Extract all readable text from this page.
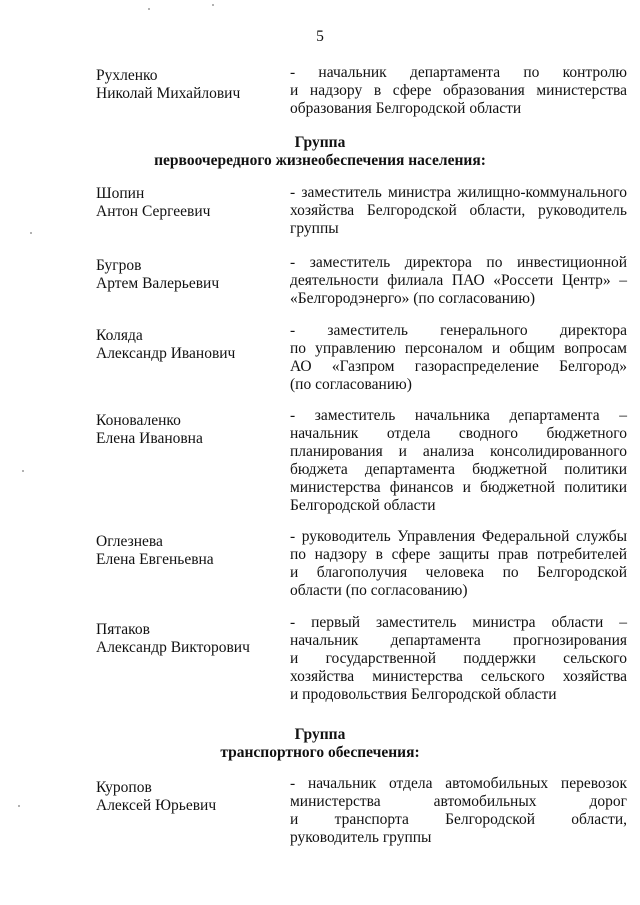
5
Рухленко
Николай Михайлович
- начальник департамента по контролю
и надзору в сфере образования министерства
образования Белгородской области
Группа
первоочередного жизнеобеспечения населения:
Шопин
Антон Сергеевич
- заместитель министра жилищно-коммунального
хозяйства Белгородской области, руководитель
группы
Бугров
Артем Валерьевич
- заместитель директора по инвестиционной
деятельности филиала ПАО «Россети Центр» –
«Белгородэнерго» (по согласованию)
Коляда
Александр Иванович
- заместитель генерального директора
по управлению персоналом и общим вопросам
АО «Газпром газораспределение Белгород»
(по согласованию)
Коноваленко
Елена Ивановна
- заместитель начальника департамента –
начальник отдела сводного бюджетного
планирования и анализа консолидированного
бюджета департамента бюджетной политики
министерства финансов и бюджетной политики
Белгородской области
Оглезнева
Елена Евгеньевна
- руководитель Управления Федеральной службы
по надзору в сфере защиты прав потребителей
и благополучия человека по Белгородской
области (по согласованию)
Пятаков
Александр Викторович
- первый заместитель министра области –
начальник департамента прогнозирования
и государственной поддержки сельского
хозяйства министерства сельского хозяйства
и продовольствия Белгородской области
Группа
транспортного обеспечения:
Куропов
Алексей Юрьевич
- начальник отдела автомобильных перевозок
министерства автомобильных дорог
и транспорта Белгородской области,
руководитель группы
